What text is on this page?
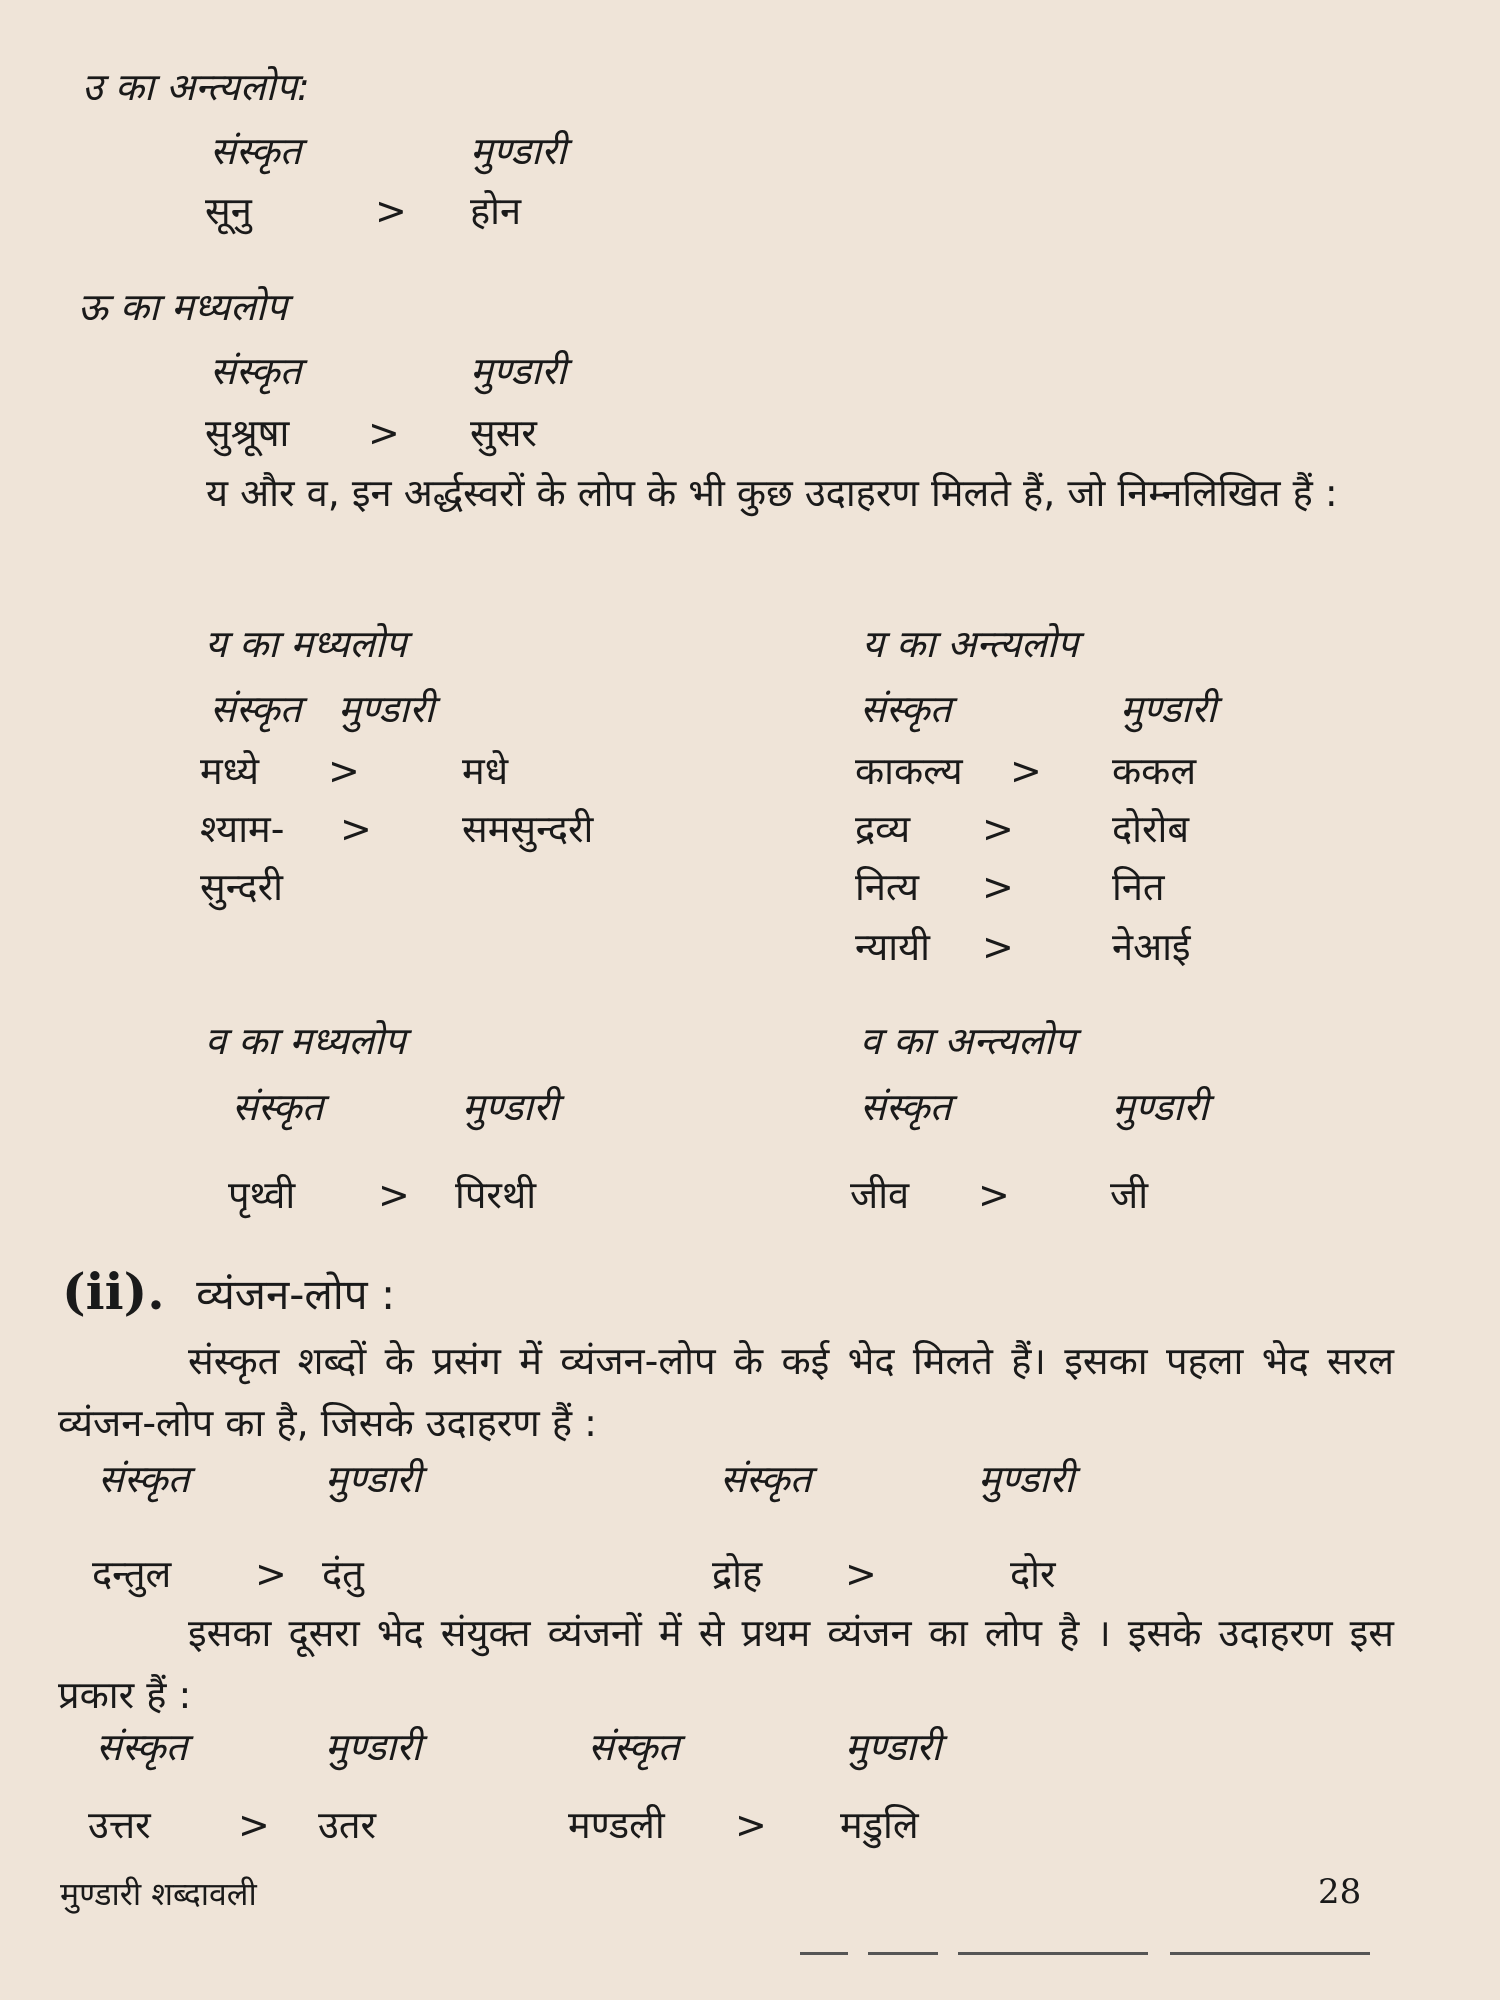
उ का अन्त्यलोप:
संस्कृत	मुण्डारी
सूनु	> होन
ऊ का मध्यलोप
संस्कृत	मुण्डारी
सुश्रूषा > सुसर
य और व, इन अर्द्धस्वरों के लोप के भी कुछ उदाहरण मिलते हैं, जो निम्नलिखित हैं :
य का मध्यलोप
संस्कृत मुण्डारी
मध्ये >	मधे
श्याम- > समसुन्दरी
सुन्दरी
य का अन्त्यलोप
संस्कृत	मुण्डारी
काकल्य > ककल
द्रव्य >	दोरोब
नित्य >	नित
न्यायी >	नेआई
व का मध्यलोप
संस्कृत	मुण्डारी
पृथ्वी > पिरथी
व का अन्त्यलोप
संस्कृत	मुण्डारी
जीव >	जी
(ii). व्यंजन-लोप :
संस्कृत शब्दों के प्रसंग में व्यंजन-लोप के कई भेद मिलते हैं। इसका पहला भेद सरल व्यंजन-लोप का है, जिसके उदाहरण हैं :
संस्कृत	मुण्डारी	संस्कृत	मुण्डारी
दन्तुल > दंतु	द्रोह >	दोर
इसका दूसरा भेद संयुक्त व्यंजनों में से प्रथम व्यंजन का लोप है । इसके उदाहरण इस प्रकार हैं :
संस्कृत	मुण्डारी	संस्कृत	मुण्डारी
उत्तर > उतर	मण्डली > मडुलि
मुण्डारी शब्दावली	28
